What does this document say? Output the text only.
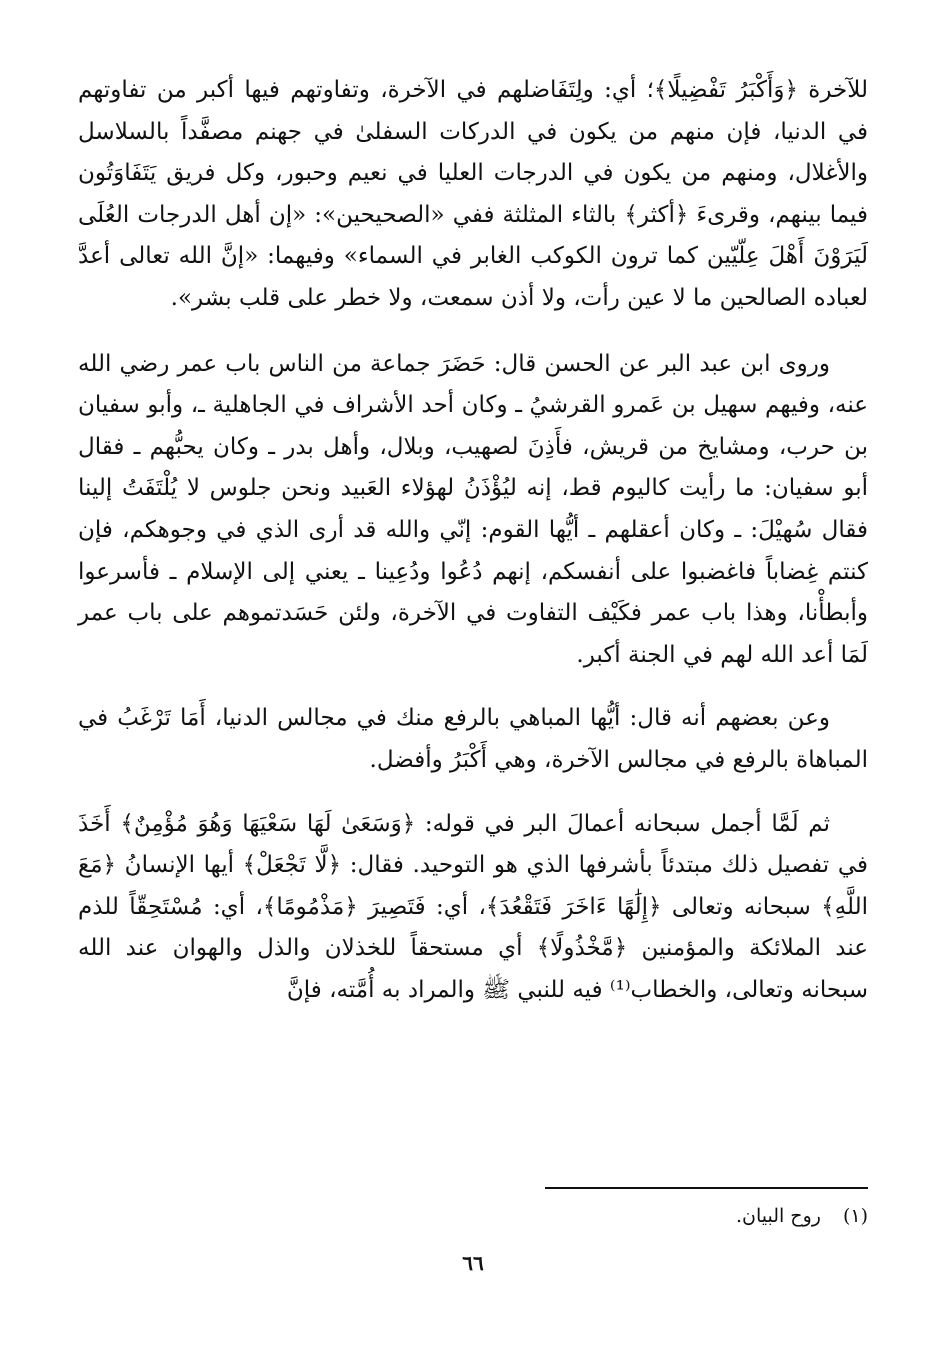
للآخرة ﴿وَأَكْبَرُ تَفْضِيلًا﴾؛ أي: ولِتَفَاضلهم في الآخرة، وتفاوتهم فيها أكبر من تفاوتهم في الدنيا، فإن منهم من يكون في الدركات السفلىٰ في جهنم مصفَّداً بالسلاسل والأغلال، ومنهم من يكون في الدرجات العليا في نعيم وحبور، وكل فريق يَتَفَاوَتُون فيما بينهم، وقرىءَ ﴿أكثر﴾ بالثاء المثلثة ففي «الصحيحين»: «إن أهل الدرجات العُلَى لَيَرَوْنَ أَهْلَ عِلّيّين كما ترون الكوكب الغابر في السماء» وفيهما: «إنَّ الله تعالى أعدَّ لعباده الصالحين ما لا عين رأت، ولا أذن سمعت، ولا خطر على قلب بشر».

وروى ابن عبد البر عن الحسن قال: حَضَرَ جماعة من الناس باب عمر رضي الله عنه، وفيهم سهيل بن عَمرو القرشيُ ـ وكان أحد الأشراف في الجاهلية ـ، وأبو سفيان بن حرب، ومشايخ من قريش، فأَذِنَ لصهيب، وبلال، وأهل بدر ـ وكان يحبُّهم ـ فقال أبو سفيان: ما رأيت كاليوم قط، إنه ليُؤْذَنُ لهؤلاء العَبيد ونحن جلوس لا يُلْتَفَتُ إلينا فقال سُهيْلَ: ـ وكان أعقلهم ـ أيُّها القوم: إنّي والله قد أرى الذي في وجوهكم، فإن كنتم غِضاباً فاغضبوا على أنفسكم، إنهم دُعُوا ودُعِينا ـ يعني إلى الإسلام ـ فأسرعوا وأبطأْنا، وهذا باب عمر فكَيْف التفاوت في الآخرة، ولئن حَسَدتموهم على باب عمر لَمَا أعد الله لهم في الجنة أكبر.

وعن بعضهم أنه قال: أيُّها المباهي بالرفع منك في مجالس الدنيا، أَمَا تَرْغَبُ في المباهاة بالرفع في مجالس الآخرة، وهي أَكْبَرُ وأفضل.

ثم لَمَّا أجمل سبحانه أعمالَ البر في قوله: ﴿وَسَعَىٰ لَهَا سَعْيَهَا وَهُوَ مُؤْمِنٌ﴾ أَخَذَ في تفصيل ذلك مبتدئاً بأشرفها الذي هو التوحيد. فقال: ﴿لَّا تَجْعَلْ﴾ أيها الإنسانُ ﴿مَعَ اللَّهِ﴾ سبحانه وتعالى ﴿إِلَٰهًا ءَاخَرَ فَتَقْعُدَ﴾، أي: فَتَصِيرَ ﴿مَذْمُومًا﴾، أي: مُسْتَحِقّاً للذم عند الملائكة والمؤمنين ﴿مَّخْذُولًا﴾ أي مستحقاً للخذلان والذل والهوان عند الله سبحانه وتعالى، والخطاب⁽¹⁾ فيه للنبي ﷺ والمراد به أُمَّته، فإنَّ

(١)روح البيان.
٦٦
